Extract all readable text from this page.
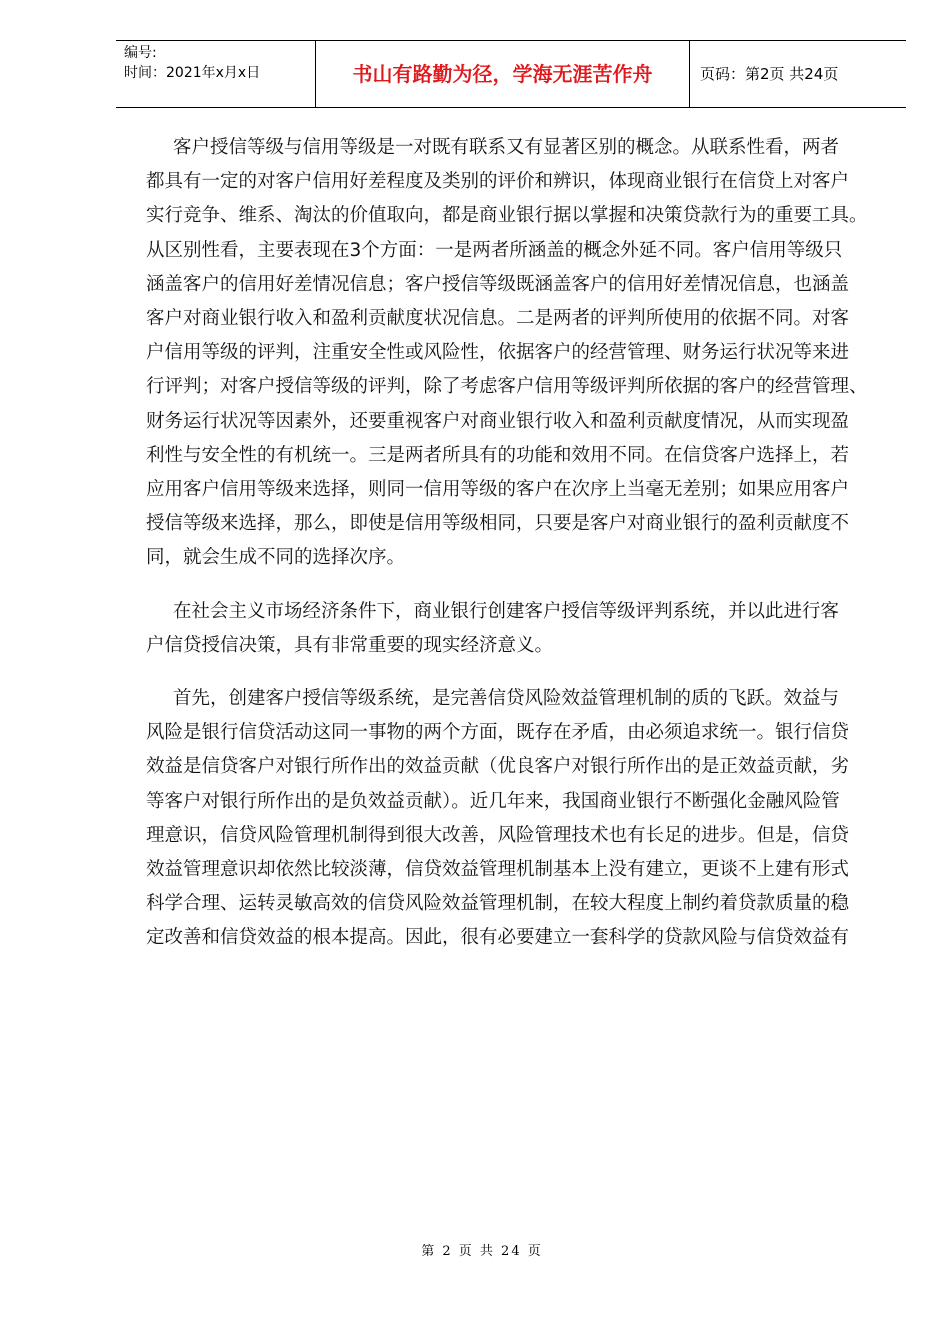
编号:
时间：2021年x月x日	书山有路勤为径，学海无涯苦作舟	页码：第2页 共24页
客户授信等级与信用等级是一对既有联系又有显著区别的概念。从联系性看，两者
都具有一定的对客户信用好差程度及类别的评价和辨识，体现商业银行在信贷上对客户
实行竞争、维系、淘汰的价值取向，都是商业银行据以掌握和决策贷款行为的重要工具。
从区别性看，主要表现在3个方面：一是两者所涵盖的概念外延不同。客户信用等级只
涵盖客户的信用好差情况信息；客户授信等级既涵盖客户的信用好差情况信息，也涵盖
客户对商业银行收入和盈利贡献度状况信息。二是两者的评判所使用的依据不同。对客
户信用等级的评判，注重安全性或风险性，依据客户的经营管理、财务运行状况等来进
行评判；对客户授信等级的评判，除了考虑客户信用等级评判所依据的客户的经营管理、
财务运行状况等因素外，还要重视客户对商业银行收入和盈利贡献度情况，从而实现盈
利性与安全性的有机统一。三是两者所具有的功能和效用不同。在信贷客户选择上，若
应用客户信用等级来选择，则同一信用等级的客户在次序上当毫无差别；如果应用客户
授信等级来选择，那么，即使是信用等级相同，只要是客户对商业银行的盈利贡献度不
同，就会生成不同的选择次序。
在社会主义市场经济条件下，商业银行创建客户授信等级评判系统，并以此进行客
户信贷授信决策，具有非常重要的现实经济意义。
首先，创建客户授信等级系统，是完善信贷风险效益管理机制的质的飞跃。效益与
风险是银行信贷活动这同一事物的两个方面，既存在矛盾，由必须追求统一。银行信贷
效益是信贷客户对银行所作出的效益贡献（优良客户对银行所作出的是正效益贡献，劣
等客户对银行所作出的是负效益贡献）。近几年来，我国商业银行不断强化金融风险管
理意识，信贷风险管理机制得到很大改善，风险管理技术也有长足的进步。但是，信贷
效益管理意识却依然比较淡薄，信贷效益管理机制基本上没有建立，更谈不上建有形式
科学合理、运转灵敏高效的信贷风险效益管理机制，在较大程度上制约着贷款质量的稳
定改善和信贷效益的根本提高。因此，很有必要建立一套科学的贷款风险与信贷效益有
第 2 页 共 24 页
